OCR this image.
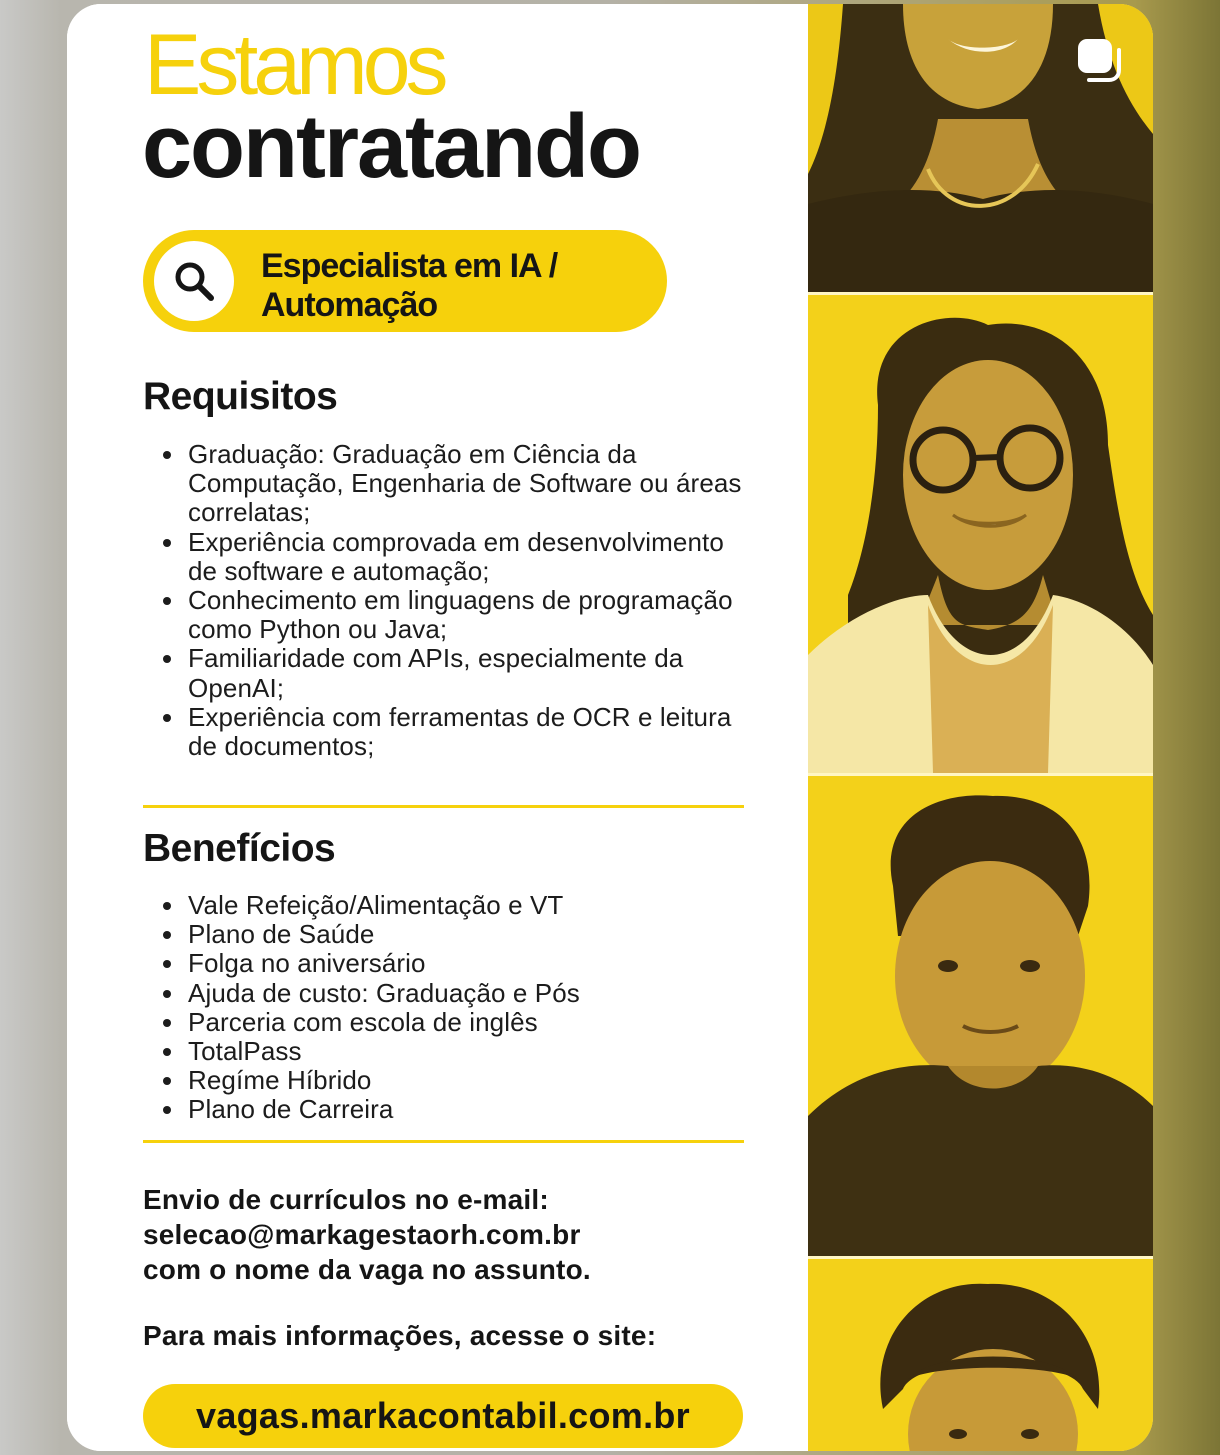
Estamos
contratando
Especialista em IA /
Automação
Requisitos
Graduação: Graduação em Ciência da Computação, Engenharia de Software ou áreas correlatas;
Experiência comprovada em desenvolvimento de software e automação;
Conhecimento em linguagens de programação como Python ou Java;
Familiaridade com APIs, especialmente da OpenAI;
Experiência com ferramentas de OCR e leitura de documentos;
Benefícios
Vale Refeição/Alimentação e VT
Plano de Saúde
Folga no aniversário
Ajuda de custo: Graduação e Pós
Parceria com escola de inglês
TotalPass
Regíme Híbrido
Plano de Carreira
Envio de currículos no e-mail:
selecao@markagestaorh.com.br
com o nome da vaga no assunto.
Para mais informações, acesse o site:
vagas.markacontabil.com.br
